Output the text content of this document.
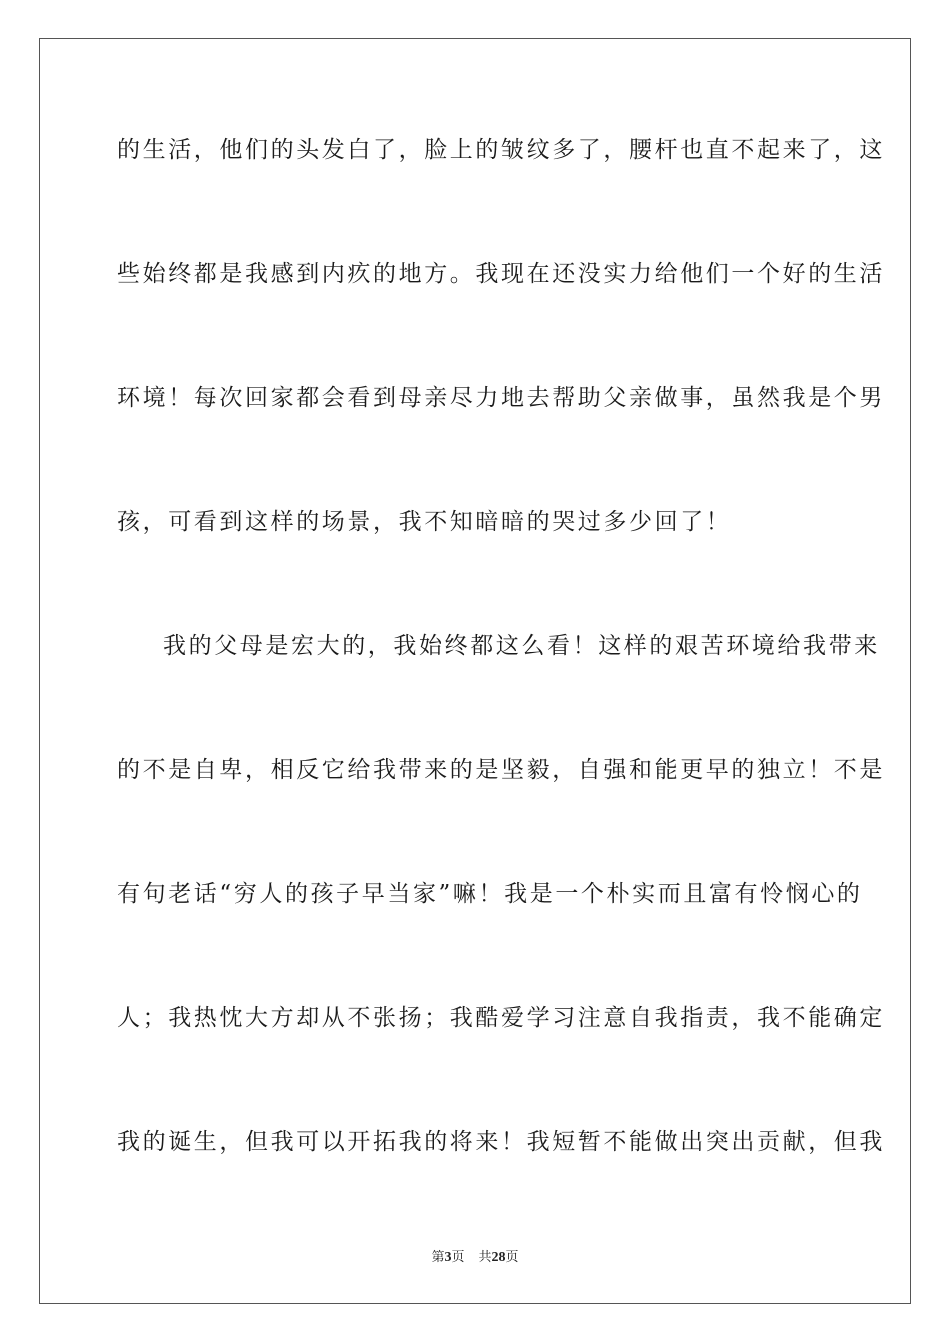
的生活，他们的头发白了，脸上的皱纹多了，腰杆也直不起来了，这
些始终都是我感到内疚的地方。我现在还没实力给他们一个好的生活
环境！每次回家都会看到母亲尽力地去帮助父亲做事，虽然我是个男
孩，可看到这样的场景，我不知暗暗的哭过多少回了！
我的父母是宏大的，我始终都这么看！这样的艰苦环境给我带来
的不是自卑，相反它给我带来的是坚毅，自强和能更早的独立！不是
有句老话“穷人的孩子早当家”嘛！我是一个朴实而且富有怜悯心的
人；我热忱大方却从不张扬；我酷爱学习注意自我指责，我不能确定
我的诞生，但我可以开拓我的将来！我短暂不能做出突出贡献，但我
第3页 共28页
